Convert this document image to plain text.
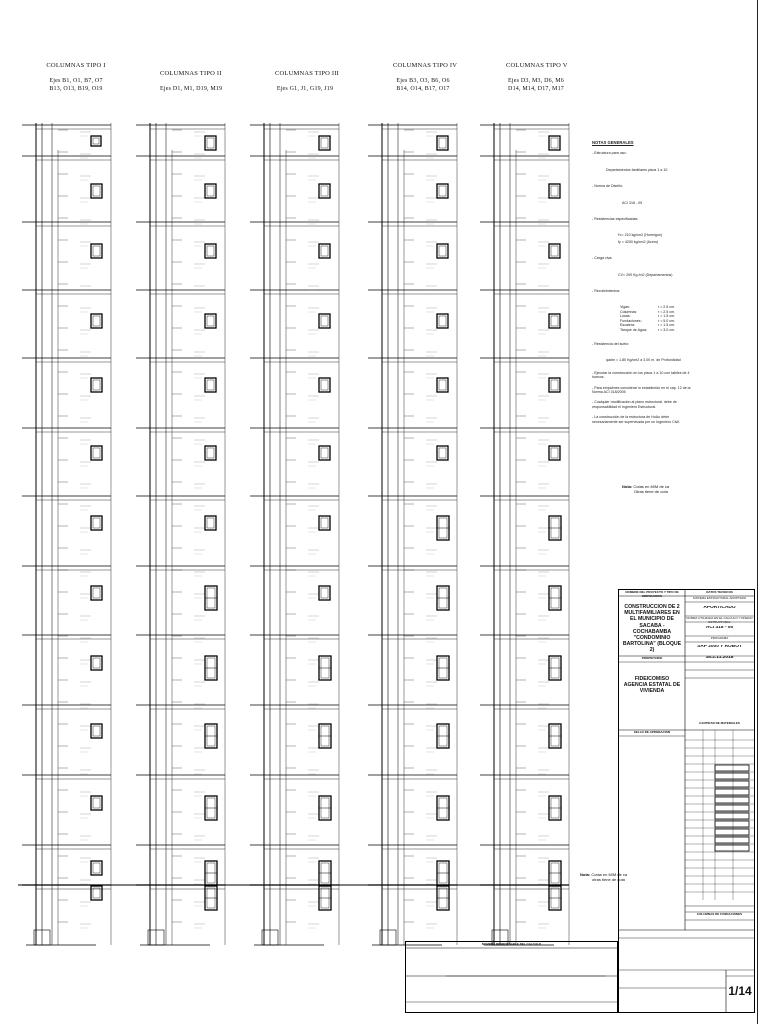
COLUMNAS TIPO I
Ejes B1, O1, B7, O7
B13, O13, B19, O19
COLUMNAS TIPO II
Ejes D1, M1, D19, M19
COLUMNAS TIPO III
Ejes G1, J1, G19, J19
COLUMNAS TIPO IV
Ejes B3, O3, B6, O6
B14, O14, B17, O17
COLUMNAS TIPO V
Ejes D3, M3, D6, M6
D14, M14, D17, M17
NOTAS GENERALES
- Estructura para uso:
Departamentos familiares pisos 1 a 10
- Norma de Diseño:
ACI 318 - 05
- Resistencias especificadas:
f'c= 210 kg/cm2 (Hormigón)
fy = 4200 kg/cm2 (Acero)
- Carga viva:
CV= 200 Kg /m2 (Departamentos)
- Recubrimientos:
Vigas:	r = 2.5 cm.
Columnas:	r = 2.5 cm.
Losas:	r = 1.5 cm.
Fundaciones:	r = 5.0 cm.
Escalera:	r = 1.5 cm.
Tanque de Agua:	r = 3.0 cm.
- Resistencia del suelo:
qadm = 1.80 Kg/cm2 a 3.00 m. de Profundidad
- Ejecutar la construcción en los pisos 1 a 10 con tabiles de 4 huecos.
- Para empalmes considerar lo establecido en el cap. 12 de la Norma ACI 318/2005
- Cualquier modificación al plano estructural, debe de responsabilidad el Ingeniero Estructural.
- La construcción de la estructura de HoAo debe necesariamente ser supervisada por un Ingeniero Civil.
Nota: Cotas en M/M de ca
Otras tiene de cota
Nota: Cotas en M/M de ca
otras tiene de cota
NOMBRE RESPONSABLE DEL CALCULO
NOMBRE DEL PROYECTO Y TIPO DE EDIFICACION
DATOS TECNICOS
CONSTRUCCION DE 2 MULTIFAMILIARES EN EL MUNICIPIO DE SACABA - COCHABAMBA "CONDOMINIO BARTOLINA" (BLOQUE 2)
SISTEMA ESTRUCTURAL ADOPTADO
APORTICADO
NORMA UTILIZADA EN EL CALCULO Y DISEÑO ESTRUCTURAL
ACI 318 - 05
PROPIETARIO
FIDEICOMISO AGENCIA ESTATAL DE VIVIENDA
PROGRAMA
SAP 2000 Y ROBOT
16.2.11.2018
SELLO DE APROBACION
CANTIDAD DE MATERIALES
COLUMNAS DE FUNDACIONES
1/14
